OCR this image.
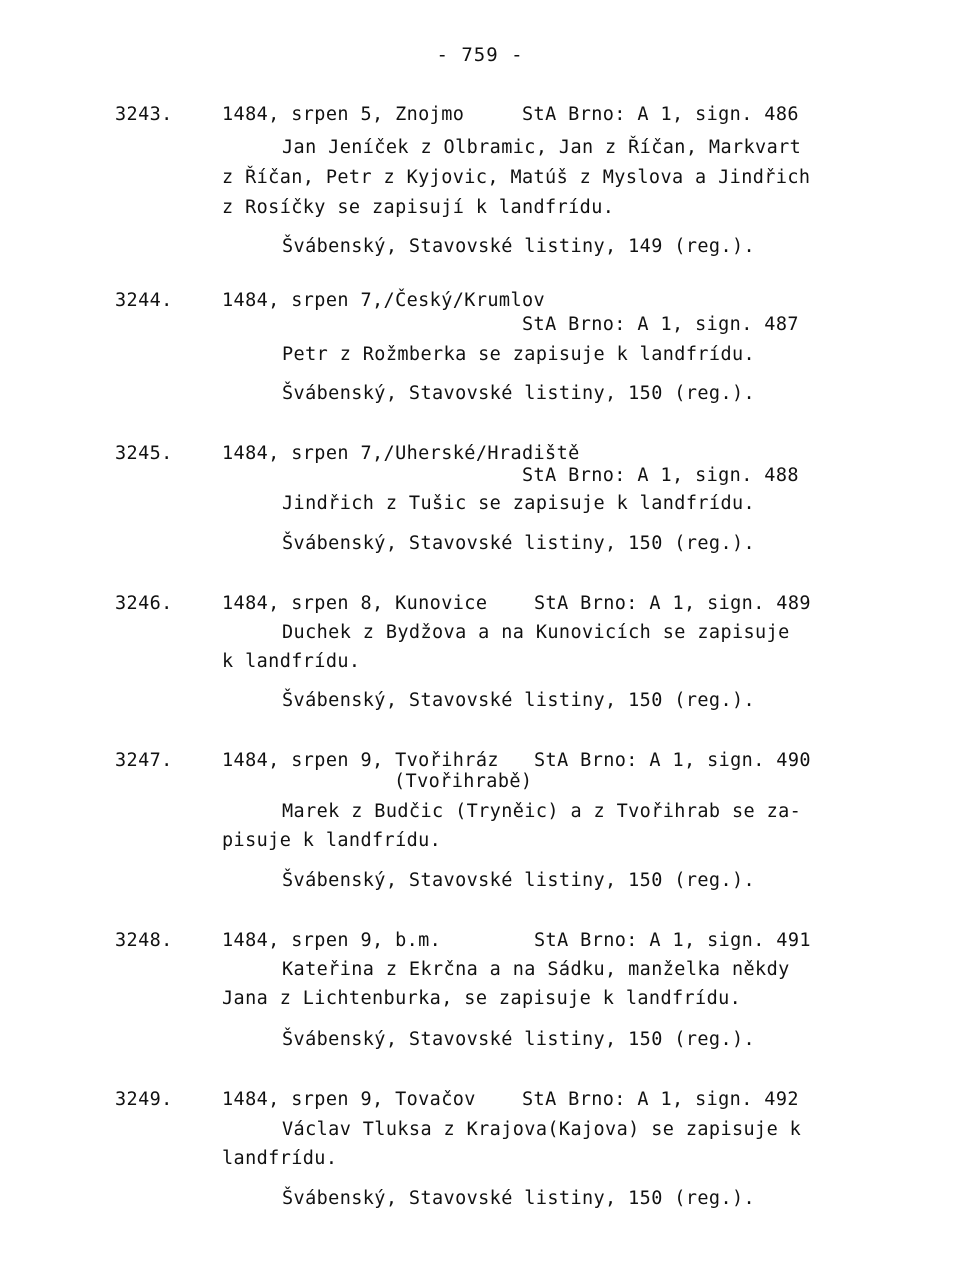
- 759 -
3243.	1484, srpen 5, Znojmo	StA Brno: A 1, sign. 486
Jan Jeníček z Olbramic, Jan z Říčan, Markvart
z Říčan, Petr z Kyjovic, Matúš z Myslova a Jindřich
z Rosíčky se zapisují k landfrídu.
Švábenský, Stavovské listiny, 149 (reg.).
3244.	1484, srpen 7,/Český/Krumlov
StA Brno: A 1, sign. 487
Petr z Rožmberka se zapisuje k landfrídu.
Švábenský, Stavovské listiny, 150 (reg.).
3245.	1484, srpen 7,/Uherské/Hradiště
StA Brno: A 1, sign. 488
Jindřich z Tušic se zapisuje k landfrídu.
Švábenský, Stavovské listiny, 150 (reg.).
3246.	1484, srpen 8, Kunovice	StA Brno: A 1, sign. 489
Duchek z Bydžova a na Kunovicích se zapisuje
k landfrídu.
Švábenský, Stavovské listiny, 150 (reg.).
3247.	1484, srpen 9, Tvořihráz
(Tvořihrabě)
StA Brno: A 1, sign. 490
Marek z Budčic (Tryněic) a z Tvořihrab se za-
pisuje k landfrídu.
Švábenský, Stavovské listiny, 150 (reg.).
3248.	1484, srpen 9, b.m.	StA Brno: A 1, sign. 491
Kateřina z Ekrčna a na Sádku, manželka někdy
Jana z Lichtenburka, se zapisuje k landfrídu.
Švábenský, Stavovské listiny, 150 (reg.).
3249.	1484, srpen 9, Tovačov StA Brno: A 1, sign. 492
Václav Tluksa z Krajova(Kajova) se zapisuje k
landfrídu.
Švábenský, Stavovské listiny, 150 (reg.).
